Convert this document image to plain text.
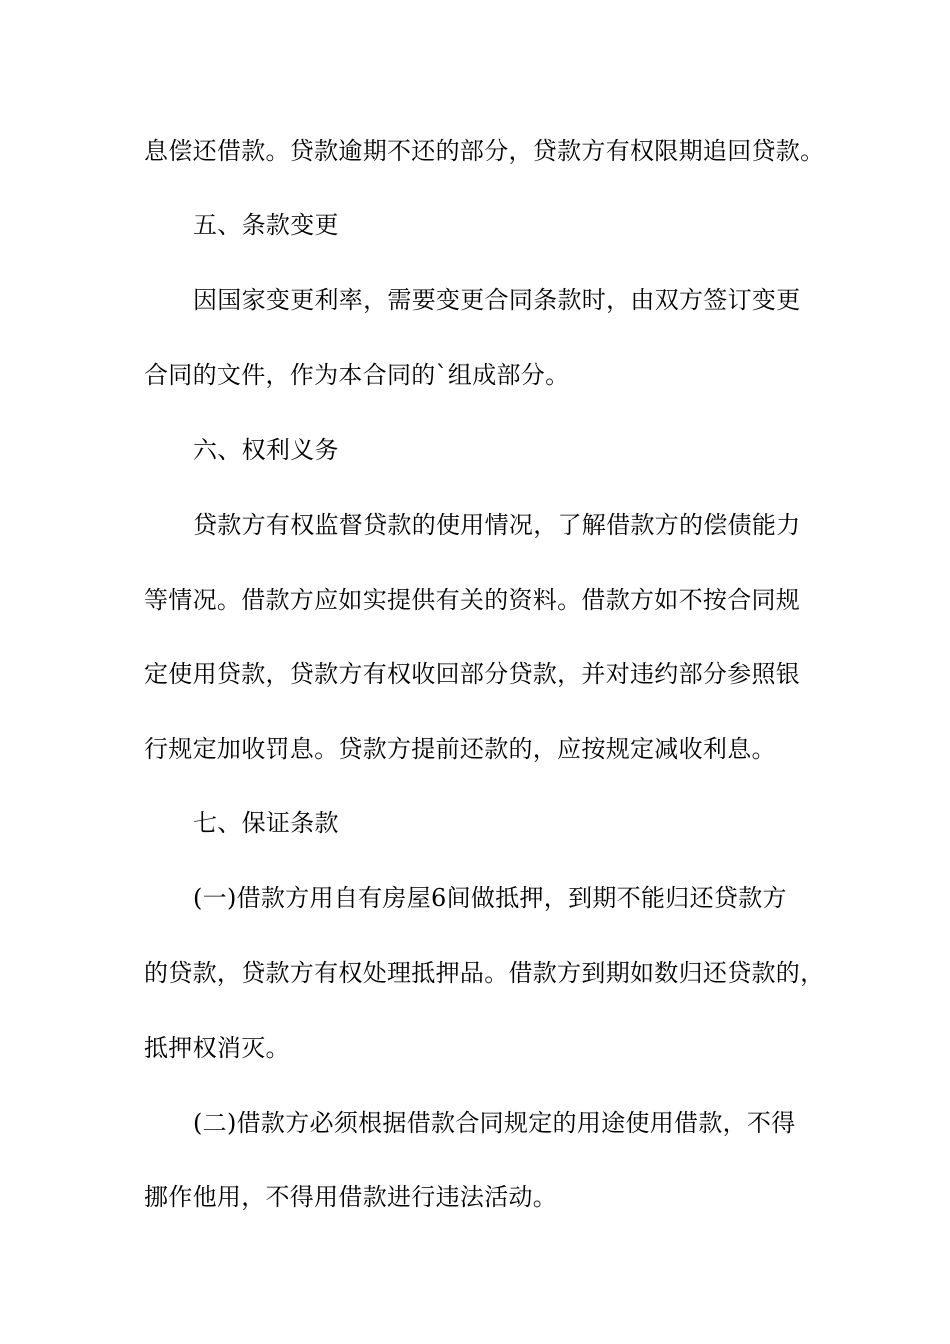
息偿还借款。贷款逾期不还的部分，贷款方有权限期追回贷款。
五、条款变更
因国家变更利率，需要变更合同条款时，由双方签订变更
合同的文件，作为本合同的`组成部分。
六、权利义务
贷款方有权监督贷款的使用情况，了解借款方的偿债能力
等情况。借款方应如实提供有关的资料。借款方如不按合同规
定使用贷款，贷款方有权收回部分贷款，并对违约部分参照银
行规定加收罚息。贷款方提前还款的，应按规定减收利息。
七、保证条款
(一)借款方用自有房屋6间做抵押，到期不能归还贷款方
的贷款，贷款方有权处理抵押品。借款方到期如数归还贷款的，
抵押权消灭。
(二)借款方必须根据借款合同规定的用途使用借款，不得
挪作他用，不得用借款进行违法活动。
